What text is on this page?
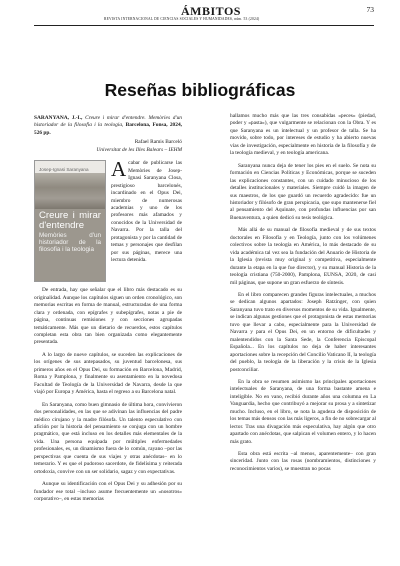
ÁMBITOS	73
REVISTA INTERNACIONAL DE CIENCIAS SOCIALES Y HUMANIDADES, núm. 53 (2024)
Reseñas bibliográficas

SARANYANA, J.-I., Creure i mirar d'entendre. Memòries d'un historiador de la filosofia i la teologia, Barcelona, Fonsa, 2024, 526 pp.

Rafael Ramis Barceló
Universitat de les Illes Balears – IEHM

Josep-Ignasi Saranyana
Creure i mirar d'entendre
Memòries d'un historiador de la filosofia i la teologia

Acabar de publicarse las Memòries de Josep-Ignasi Saranyana Closa, prestigioso barcelonés, incardinado en el Opus Dei, miembro de numerosas academias y uno de los profesores más afamados y conocidos de la Universidad de Navarra. Por la talla del protagonista y por la cantidad de temas y personajes que desfilan por sus páginas, merece una lectura detenida.

De entrada, hay que señalar que el libro más destacado es su originalidad. Aunque los capítulos siguen un orden cronológico, son memorias escritas en forma de manual, estructuradas de una forma clara y ordenada, con epígrafes y subepígrafes, notas a pie de página, continuas remisiones y con secciones agrupadas temáticamente. Más que un dietario de recuerdos, estos capítulos completan esta obra tan bien organizada como elegantemente presentada.

A lo largo de nueve capítulos, se suceden las explicaciones de los orígenes de sus antepasados, su juventud barcelonesa, sus primeros años en el Opus Dei, su formación en Barcelona, Madrid, Roma y Pamplona, y finalmente su asentamiento en la novedosa Facultad de Teología de la Universidad de Navarra, desde la que viajó por Europa y América, hasta el regreso a su Barcelona natal.

En Saranyana, como buen gimnasio de última hora, convivieron dos personalidades, en las que se adivinan las influencias del padre médico cirujano y la madre filósofa. Un talento especulativo con afición por la historia del pensamiento se conjuga con un hombre pragmático, que está incluso en los detalles más elementales de la vida. Una persona equipada por múltiples enfermedades profesionales, es, un dinamismo fuera de lo común, rayano –por las perspectivas que cuenta de sus viajes y otras anécdotas– en lo temerario. Y es que el pudoroso sacerdote, de fidelísima y reiterada ortodoxia, convive con un ser solidario, sagaz y con expectativas.

Aunque su identificación con el Opus Dei y su adhesión por su fundador ese total –incluso asume frecuentemente un «nosotros» corporativo–, en estas memorias

hallamos mucho más que las tres consabidas «peces» (piedad, poder y «pasta»), que vulgarmente se relacionan con la Obra. Y es que Saranyana es un intelectual y un profesor de talla. Se ha movido, sobre todo, por intereses de estudio y ha abierto nuevas vías de investigación, especialmente en historia de la filosofía y de la teología medieval, y en teología americana.

Saranyana nunca deja de tener los pies en el suelo. Se nota su formación en Ciencias Políticas y Económicas, porque se suceden las explicaciones constantes, con un cuidado minucioso de los detalles institucionales y materiales. Siempre cuidó la imagen de sus maestros, de los que guardó un recuerdo agradecido: fue un historiador y filósofo de gran perspicacia, que supo mantenerse fiel al pensamiento del Aquinate, con profundas influencias por san Buenaventura, a quien dedicó su tesis teológica.

Más allá de su manual de filosofía medieval y de sus textos doctorales en Filosofía y en Teología, junto con los volúmenes colectivos sobre la teología en América, lo más destacado de su vida académica tal vez sea la fundación del Anuario de Historia de la Iglesia (revista muy original y competitiva, especialmente durante la etapa en la que fue director), y su manual Historia de la teología cristiana (750-2000), Pamplona, EUNSA, 2020, de casi mil páginas, que supone un gran esfuerzo de síntesis.

En el libro comparecen grandes figuras intelectuales, a muchos se dedican algunos apartados: Joseph Ratzinger, con quien Saranyana tuvo trato en diversos momentos de su vida. Igualmente, se indican algunas gestiones que el protagonista de estas memorias tuvo que llevar a cabo, especialmente para la Universidad de Navarra y para el Opus Dei, en un entorno de dificultades y malentendidos con la Santa Sede, la Conferencia Episcopal Española... En los capítulos no deja de haber interesantes aportaciones sobre la recepción del Concilio Vaticano II, la teología del pueblo, la teología de la liberación y la crisis de la Iglesia postconciliar.

En la obra se resumen asimismo las principales aportaciones intelectuales de Saranyana, de una forma bastante amena e inteligible. No en vano, recibió durante años una columna en La Vanguardia, hecho que contribuyó a mejorar su prosa y a sintetizar mucho. Incluso, en el libro, se nota la agudeza de disposición de los temas más densos con las más ligeros, a fin de no sobrecargar al lector. Tras una divagación más especulativa, hay algún que otro apartado con anécdotas, que salpican el volumen entero, y lo hacen más grato.

Esta obra está escrita –al menos, aparentemente– con gran sinceridad. Junto con las rosas (nombramientos, distinciones y reconocimientos varios), se muestran no pocas
